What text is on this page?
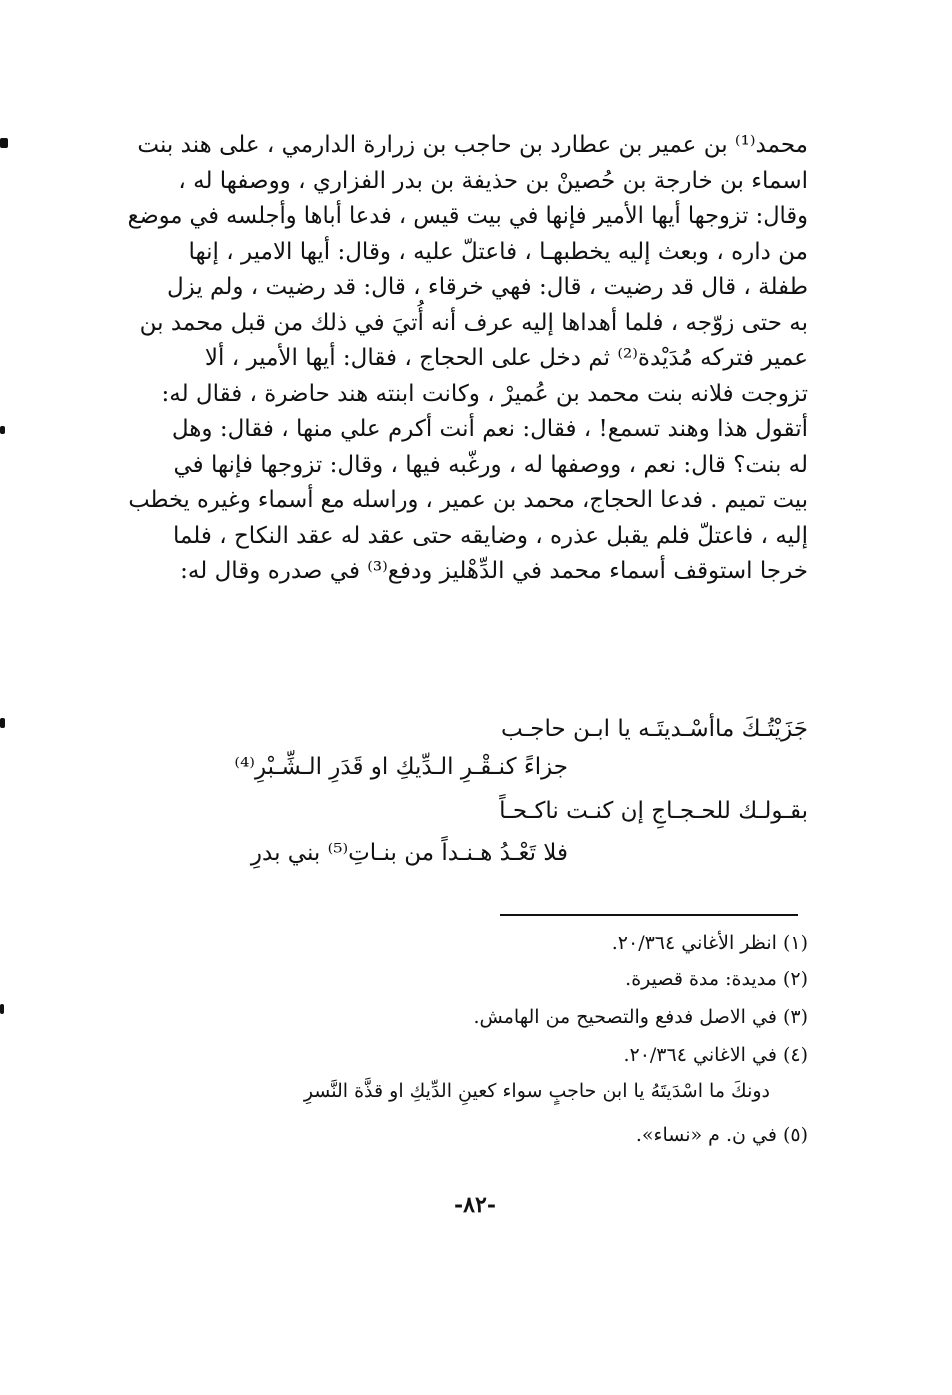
محمد⁽¹⁾ بن عمير بن عطارد بن حاجب بن زرارة الدارمي ، على هند بنت
اسماء بن خارجة بن حُصينْ بن حذيفة بن بدر الفزاري ، ووصفها له ،
وقال: تزوجها أيها الأمير فإنها في بيت قيس ، فدعا أباها وأجلسه في موضع
من داره ، وبعث إليه يخطبهـا ، فاعتلّ عليه ، وقال: أيها الامير ، إنها
طفلة ، قال قد رضيت ، قال: فهي خرقاء ، قال: قد رضيت ، ولم يزل
به حتى زوّجه ، فلما أهداها إليه عرف أنه أُتيَ في ذلك من قبل محمد بن
عمير فتركه مُدَيْدة⁽²⁾ ثم دخل على الحجاج ، فقال: أيها الأمير ، ألا
تزوجت فلانه بنت محمد بن عُميرْ ، وكانت ابنته هند حاضرة ، فقال له:
أتقول هذا وهند تسمع! ، فقال: نعم أنت أكرم علي منها ، فقال: وهل
له بنت؟ قال: نعم ، ووصفها له ، ورغّبه فيها ، وقال: تزوجها فإنها في
بيت تميم . فدعا الحجاج، محمد بن عمير ، وراسله مع أسماء وغيره يخطب
إليه ، فاعتلّ فلم يقبل عذره ، وضايقه حتى عقد له عقد النكاح ، فلما
خرجا استوقف أسماء محمد في الدِّهْليز ودفع⁽³⁾ في صدره وقال له:
جَزَيْتُـكَ ماأسْـديتَـه يا ابـن حاجـب
جزاءً كنـقْـرِ الـدِّيكِ او قَدَرِ الـشِّـبْرِ⁽⁴⁾
بقـولـك للحـجـاجِ إن كنـت ناكـحـاً
فلا تَعْـدُ هـنـداً من بنـاتِ⁽⁵⁾ بني بدرِ
(١) انظر الأغاني ٢٠/٣٦٤.
(٢) مديدة: مدة قصيرة.
(٣) في الاصل فدفع والتصحيح من الهامش.
(٤) في الاغاني ٢٠/٣٦٤.
دونكَ ما اسْدَيتَهُ يا ابن حاجبٍ سواء كعينِ الدِّيكِ او قذَّة النَّسرِ
(٥) في ن. م «نساء».
-٨٢-
